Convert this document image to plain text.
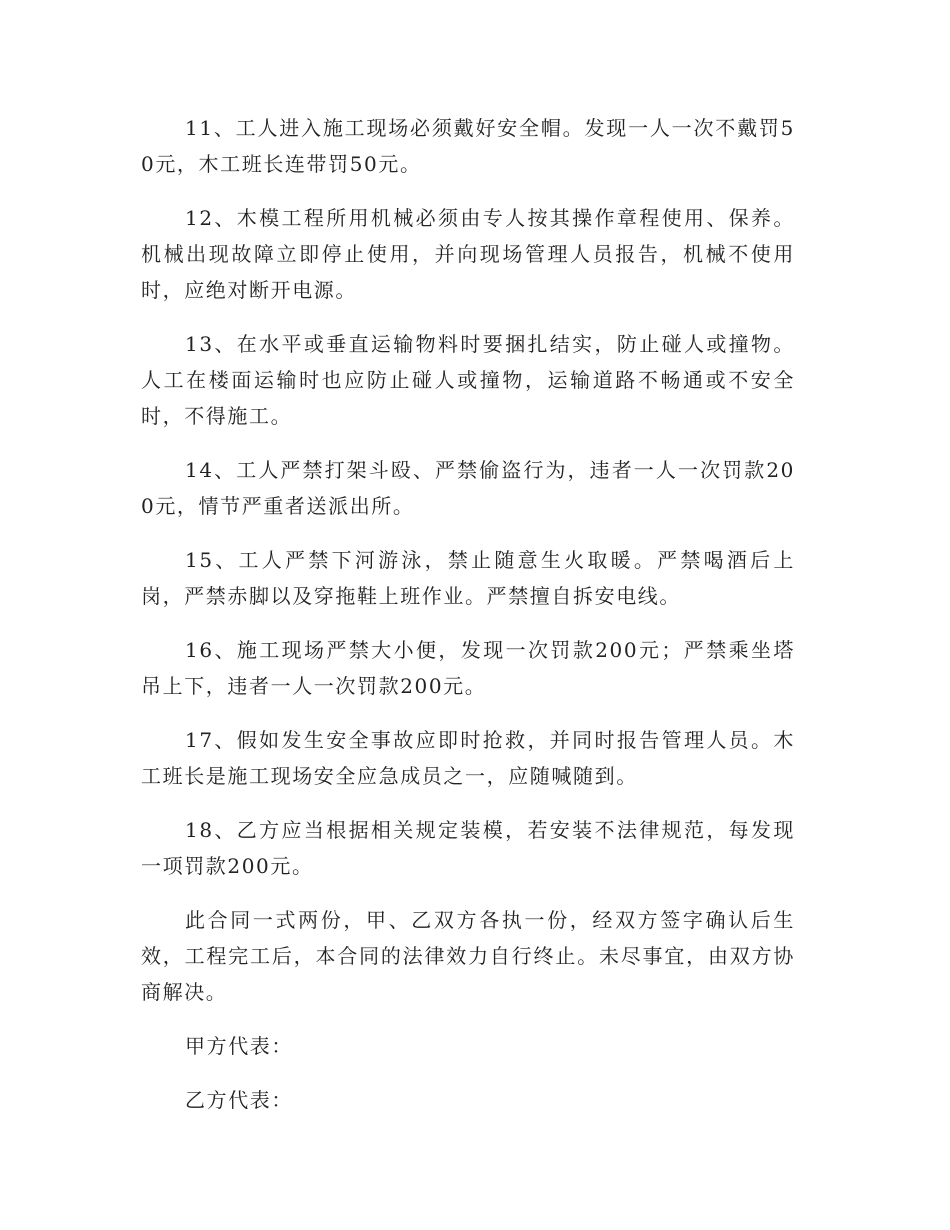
11、工人进入施工现场必须戴好安全帽。发现一人一次不戴罚50元，木工班长连带罚50元。

12、木模工程所用机械必须由专人按其操作章程使用、保养。机械出现故障立即停止使用，并向现场管理人员报告，机械不使用时，应绝对断开电源。

13、在水平或垂直运输物料时要捆扎结实，防止碰人或撞物。人工在楼面运输时也应防止碰人或撞物，运输道路不畅通或不安全时，不得施工。

14、工人严禁打架斗殴、严禁偷盗行为，违者一人一次罚款200元，情节严重者送派出所。

15、工人严禁下河游泳，禁止随意生火取暖。严禁喝酒后上岗，严禁赤脚以及穿拖鞋上班作业。严禁擅自拆安电线。

16、施工现场严禁大小便，发现一次罚款200元；严禁乘坐塔吊上下，违者一人一次罚款200元。

17、假如发生安全事故应即时抢救，并同时报告管理人员。木工班长是施工现场安全应急成员之一，应随喊随到。

18、乙方应当根据相关规定装模，若安装不法律规范，每发现一项罚款200元。

此合同一式两份，甲、乙双方各执一份，经双方签字确认后生效，工程完工后，本合同的法律效力自行终止。未尽事宜，由双方协商解决。

甲方代表：

乙方代表：
